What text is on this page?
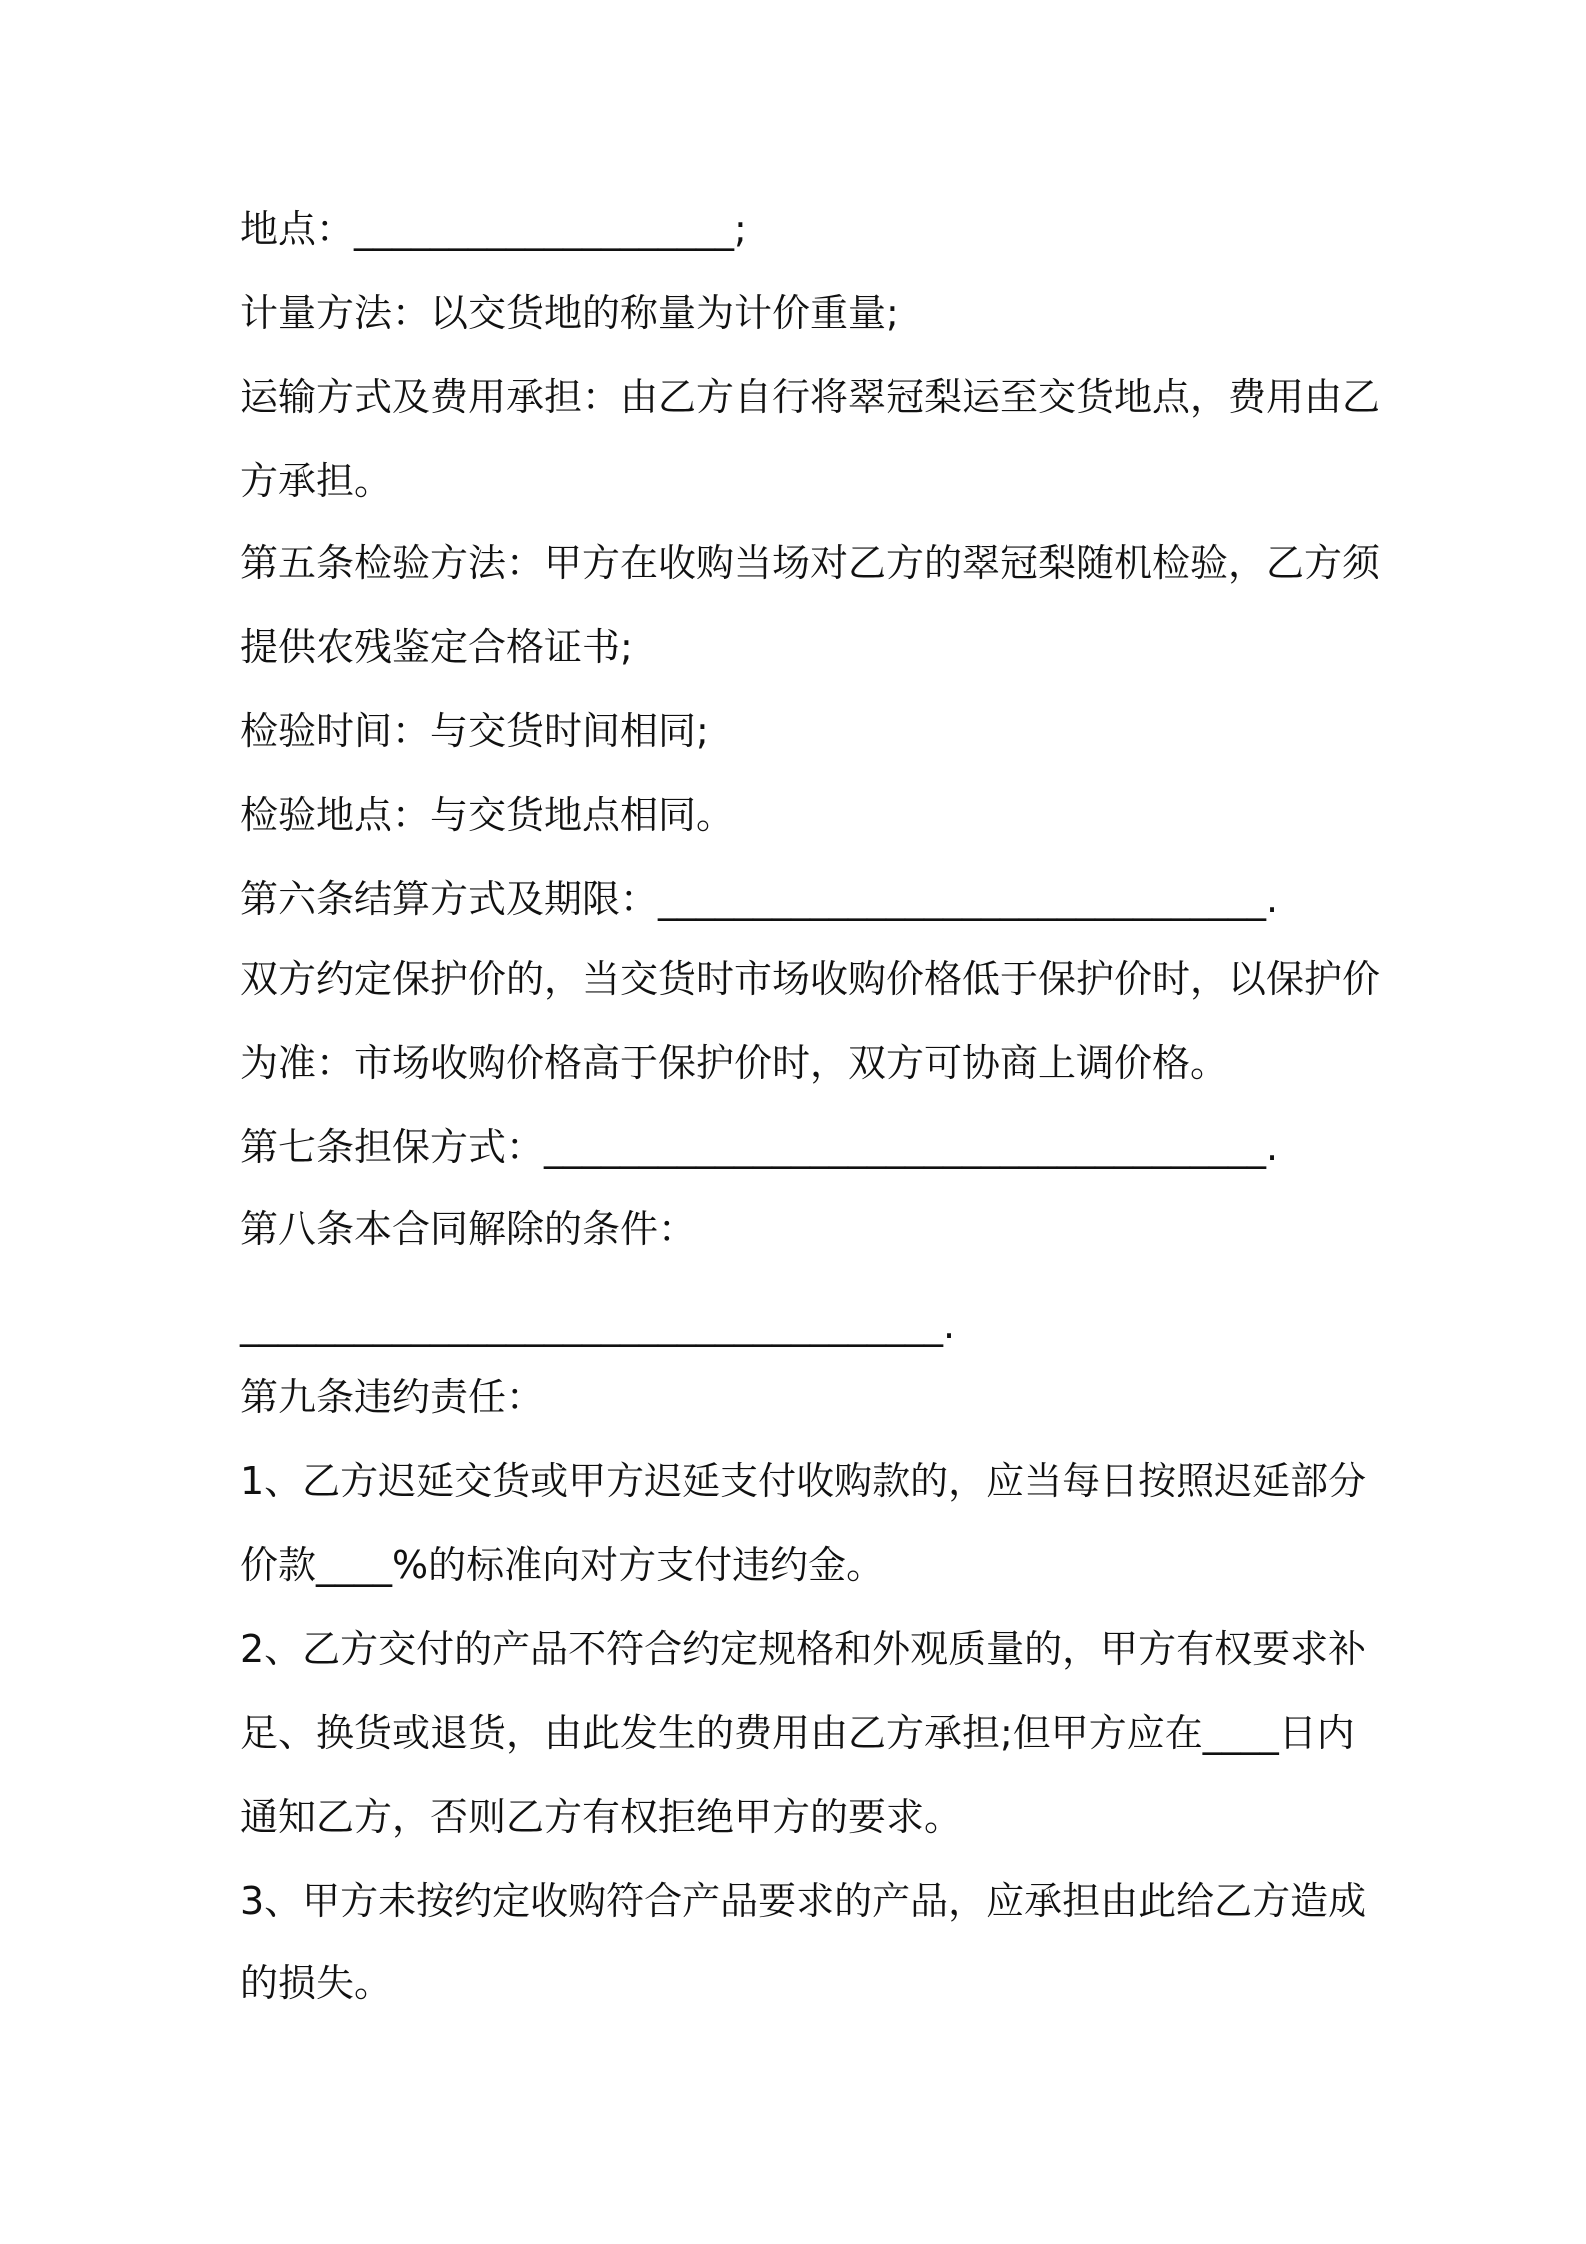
地点：____________________;

计量方法：以交货地的称量为计价重量;

运输方式及费用承担：由乙方自行将翠冠梨运至交货地点，费用由乙

方承担。

第五条检验方法：甲方在收购当场对乙方的翠冠梨随机检验，乙方须

提供农残鉴定合格证书;

检验时间：与交货时间相同;

检验地点：与交货地点相同。

第六条结算方式及期限：________________________________.

双方约定保护价的，当交货时市场收购价格低于保护价时，以保护价

为准：市场收购价格高于保护价时，双方可协商上调价格。

第七条担保方式：______________________________________.

第八条本合同解除的条件：

_____________________________________.

第九条违约责任：

1、乙方迟延交货或甲方迟延支付收购款的，应当每日按照迟延部分

价款____%的标准向对方支付违约金。

2、乙方交付的产品不符合约定规格和外观质量的，甲方有权要求补

足、换货或退货，由此发生的费用由乙方承担;但甲方应在____日内

通知乙方，否则乙方有权拒绝甲方的要求。

3、甲方未按约定收购符合产品要求的产品，应承担由此给乙方造成

的损失。
